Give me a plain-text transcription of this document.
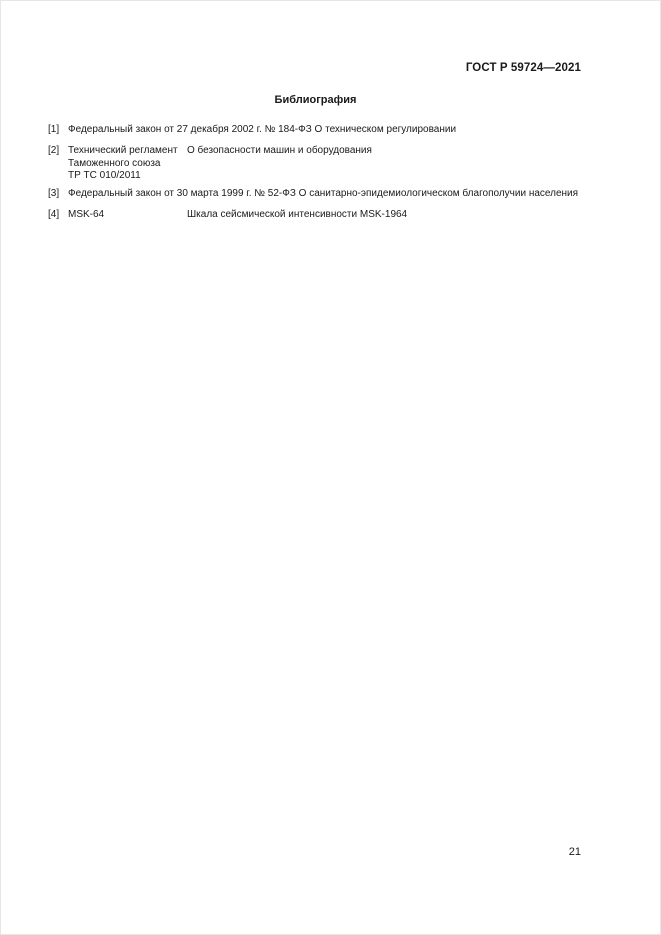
ГОСТ Р 59724—2021
Библиография
[1] Федеральный закон от 27 декабря 2002 г. № 184-ФЗ О техническом регулировании
[2] Технический регламент
Таможенного союза
ТР ТС 010/2011
О безопасности машин и оборудования
[3] Федеральный закон от 30 марта 1999 г. № 52-ФЗ О санитарно-эпидемиологическом благополучии населения
[4] MSK-64	Шкала сейсмической интенсивности MSK-1964
21
